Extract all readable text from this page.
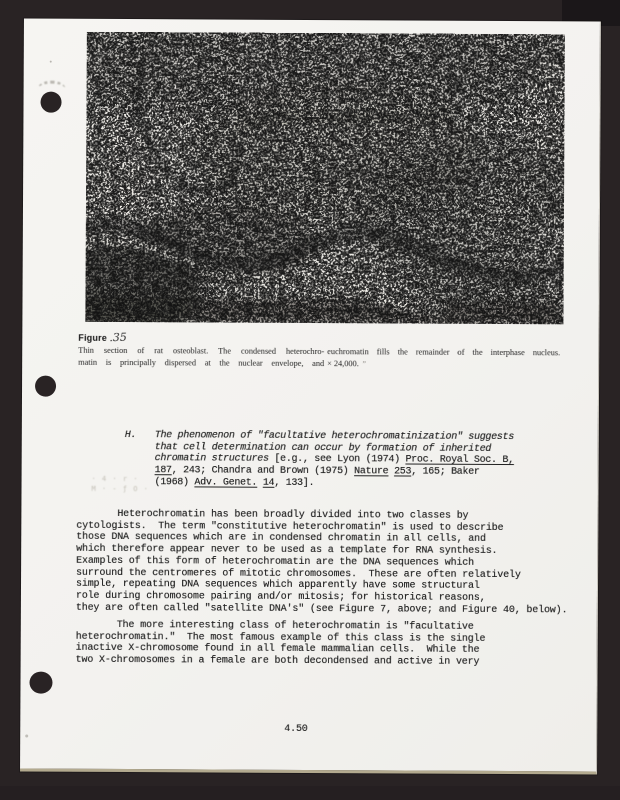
Figure .35
Thin section of rat osteoblast. The condensed heterochro-
matin is principally dispersed at the nuclear envelope, and
euchromatin fills the remainder of the interphase nucleus.
× 24,000. ’’
H.	The phenomenon of "facultative heterochromatinization" suggests
that cell determination can occur by formation of inherited
chromatin structures [e.g., see Lyon (1974) Proc. Royal Soc. B,
187, 243; Chandra and Brown (1975) Nature 253, 165; Baker
(1968) Adv. Genet. 14, 133].
· 4 · r ·
M · - ƒ O ·
Heterochromatin has been broadly divided into two classes by
cytologists.  The term "constitutive heterochromatin" is used to describe
those DNA sequences which are in condensed chromatin in all cells, and
which therefore appear never to be used as a template for RNA synthesis.
Examples of this form of heterochromatin are the DNA sequences which
surround the centromeres of mitotic chromosomes.  These are often relatively
simple, repeating DNA sequences which apparently have some structural
role during chromosome pairing and/or mitosis; for historical reasons,
they are often called "satellite DNA's" (see Figure 7, above; and Figure 40, below).
The more interesting class of heterochromatin is "facultative
heterochromatin."  The most famous example of this class is the single
inactive X-chromosome found in all female mammalian cells.  While the
two X-chromosomes in a female are both decondensed and active in very
4.50
